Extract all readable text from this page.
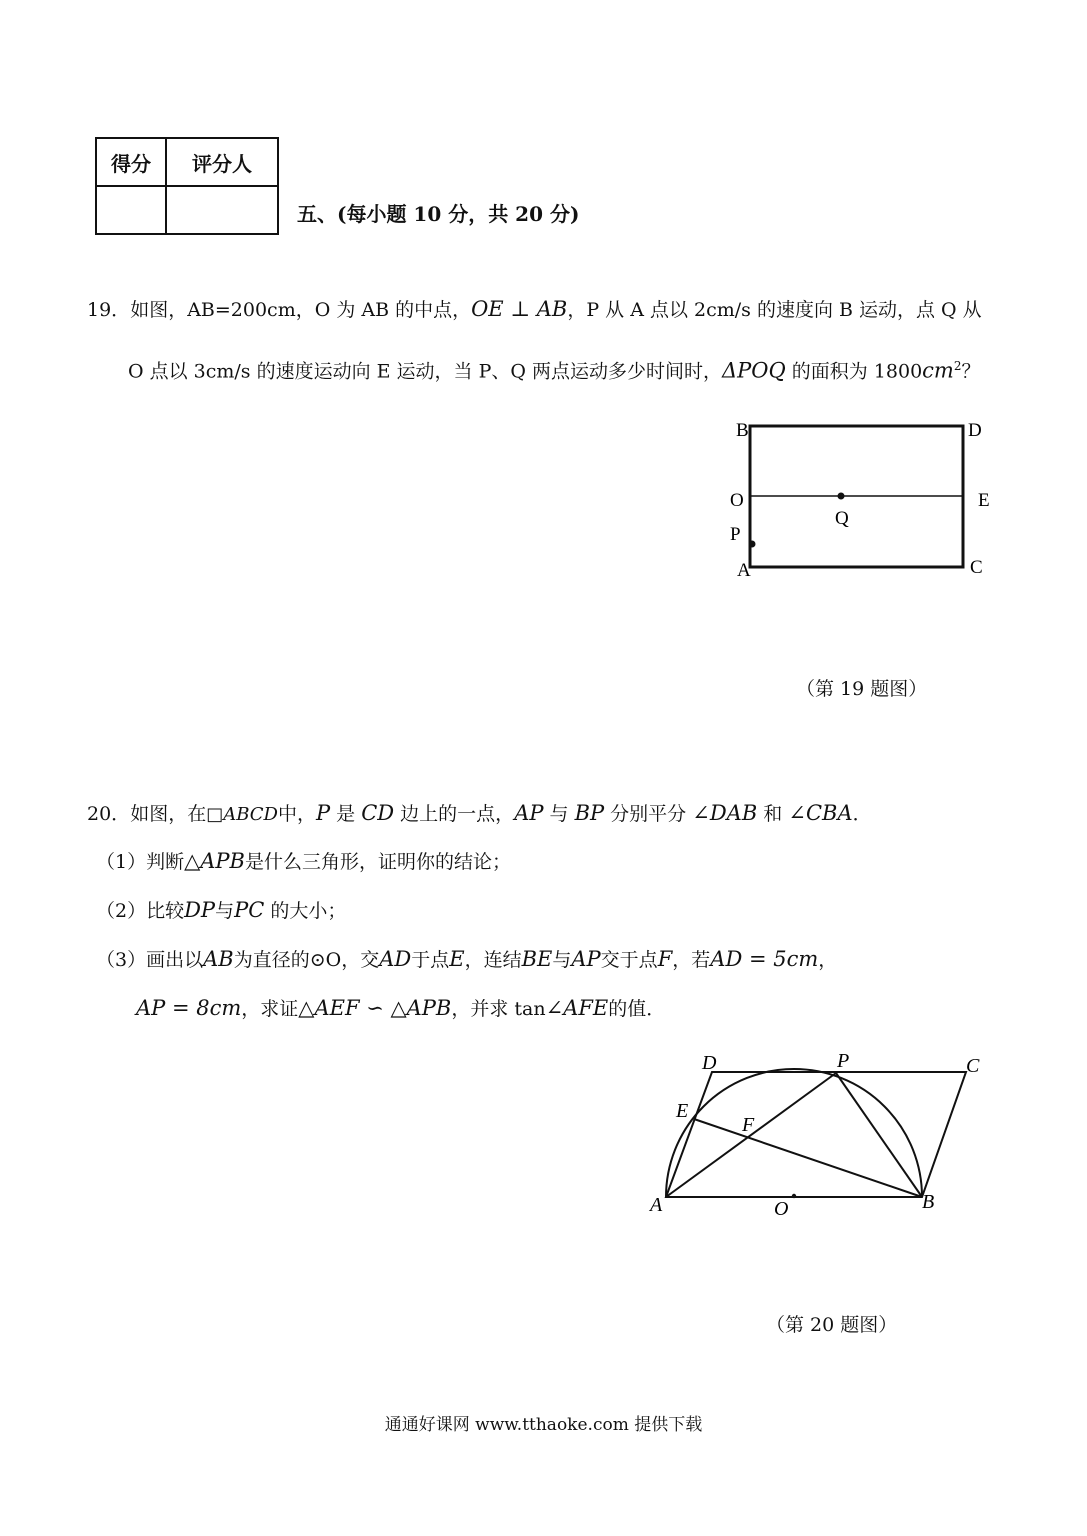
得分	评分人

五、(每小题 10 分，共 20 分)
19．如图，AB=200cm，O 为 AB 的中点，OE ⊥ AB，P 从 A 点以 2cm/s 的速度向 B 运动，点 Q 从
O 点以 3cm/s 的速度运动向 E 运动，当 P、Q 两点运动多少时间时，ΔPOQ 的面积为 $1800cm^2$？
B	D
O	E
Q
P
A	C
（第 19 题图）
20．如图，在□ABCD中，P 是 CD 边上的一点，AP 与 BP 分别平分 ∠DAB 和 ∠CBA．
（1）判断△APB是什么三角形，证明你的结论；
（2）比较DP与PC 的大小；
（3）画出以AB为直径的⊙O，交AD于点E，连结BE与AP交于点F，若AD = 5cm，
AP = 8cm，求证△AEF ∽ △APB，并求 tan∠AFE的值．
D	P	C
E
F
A	O	B
（第 20 题图）
通通好课网 www.tthaoke.com 提供下载
